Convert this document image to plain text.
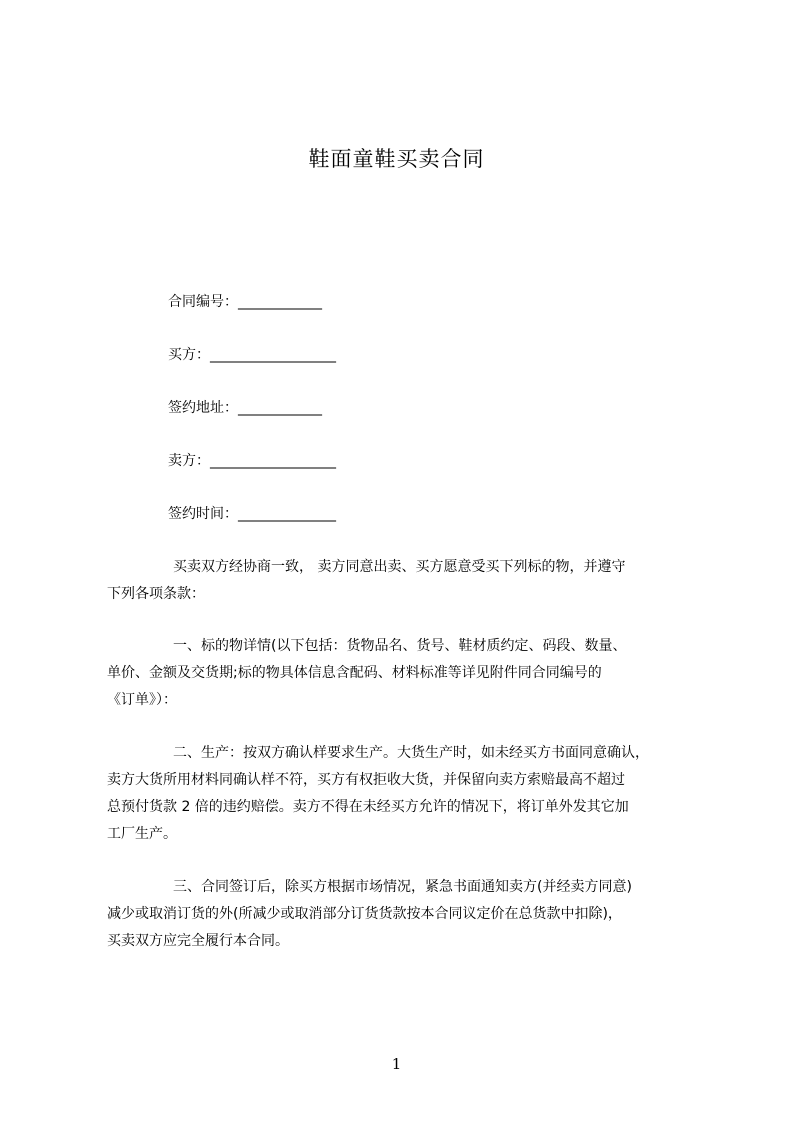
鞋面童鞋买卖合同
合同编号：____________
买方：__________________
签约地址：____________
卖方：__________________
签约时间：______________
买卖双方经协商一致， 卖方同意出卖、买方愿意受买下列标的物，并遵守
下列各项条款：
一、标的物详情(以下包括：货物品名、货号、鞋材质约定、码段、数量、
单价、金额及交货期;标的物具体信息含配码、材料标准等详见附件同合同编号的
《订单》）：
二、生产：按双方确认样要求生产。大货生产时，如未经买方书面同意确认，
卖方大货所用材料同确认样不符，买方有权拒收大货，并保留向卖方索赔最高不超过
总预付货款 2 倍的违约赔偿。卖方不得在未经买方允许的情况下，将订单外发其它加
工厂生产。
三、合同签订后，除买方根据市场情况，紧急书面通知卖方(并经卖方同意)
减少或取消订货的外(所减少或取消部分订货货款按本合同议定价在总货款中扣除)，
买卖双方应完全履行本合同。
1
